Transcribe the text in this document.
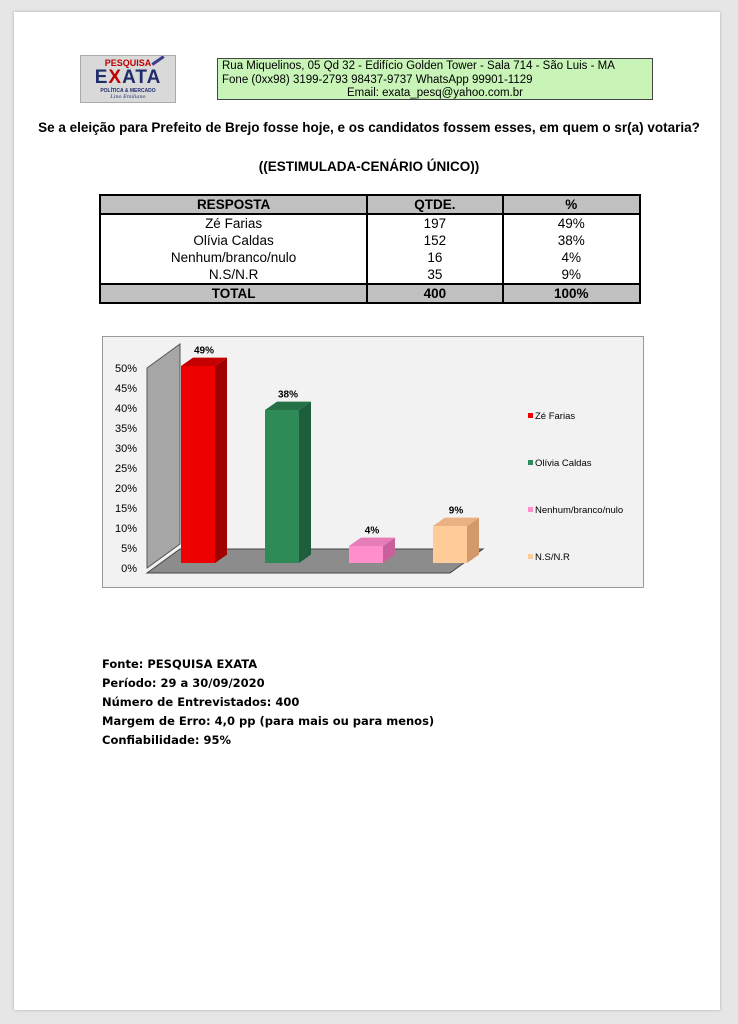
PESQUISA
EXATA
POLÍTICA & MERCADO
Lino Emiliano
Rua Miquelinos, 05 Qd 32 - Edifício Golden Tower - Sala 714 - São Luis - MA
Fone (0xx98) 3199-2793 98437-9737 WhatsApp 99901-1129
Email: exata_pesq@yahoo.com.br
Se a eleição para Prefeito de Brejo fosse hoje, e os candidatos fossem esses, em quem o sr(a) votaria?
((ESTIMULADA-CENÁRIO ÚNICO))
RESPOSTA	QTDE.	%
Zé Farias	197	49%
Olívia Caldas	152	38%
Nenhum/branco/nulo	16	4%
N.S/N.R	35	9%
TOTAL	400	100%
0%
5%
10%
15%
20%
25%
30%
35%
40%
45%
50%
49%
38%
4%
9%
Zé Farias
Olívia Caldas
Nenhum/branco/nulo
N.S/N.R
Fonte: PESQUISA EXATA
Período: 29 a 30/09/2020
Número de Entrevistados: 400
Margem de Erro: 4,0 pp (para mais ou para menos)
Confiabilidade: 95%
